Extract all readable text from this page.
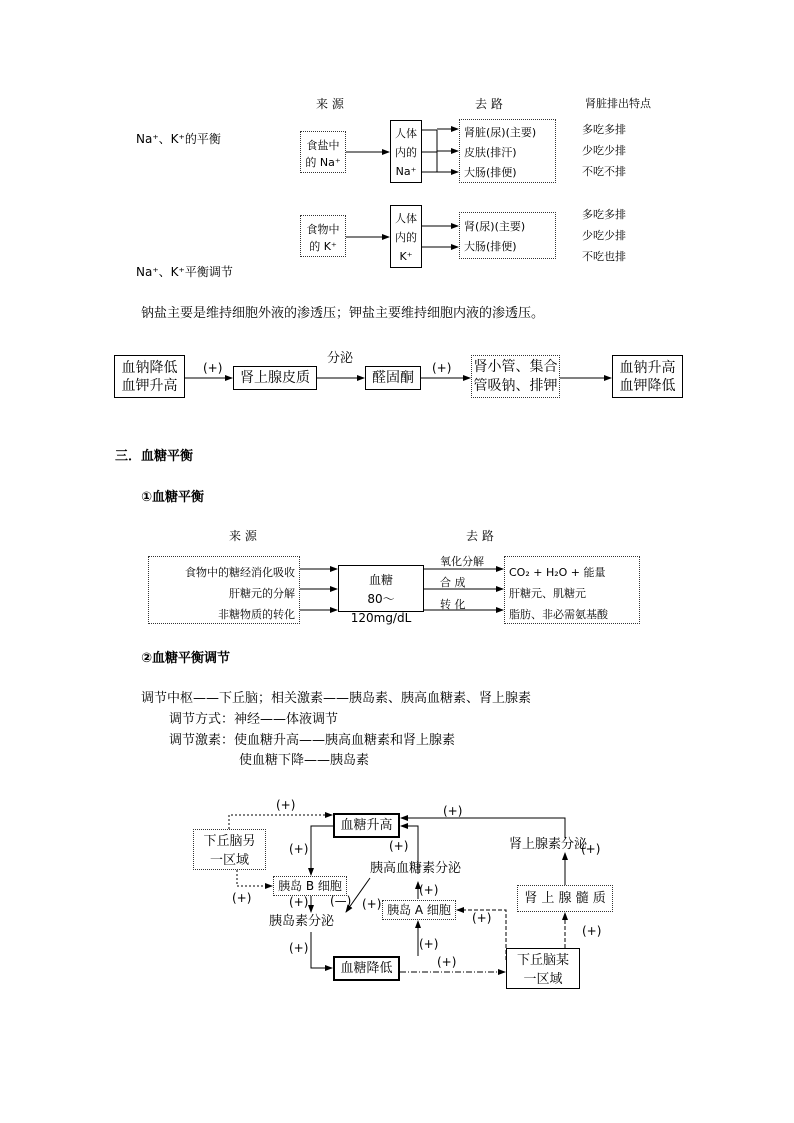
来 源	去 路	肾脏排出特点
Na⁺、K⁺的平衡	食盐中
的 Na⁺
人体
内的
Na⁺
肾脏(尿)(主要)
皮肤(排汗)
大肠(排便)
多吃多排
少吃少排
不吃不排
食物中
的 K⁺
人体
内的
K⁺
肾(尿)(主要)
大肠(排便)
多吃多排
少吃少排
不吃也排
Na⁺、K⁺平衡调节
钠盐主要是维持细胞外液的渗透压；钾盐主要维持细胞内液的渗透压。
血钠降低
血钾升高
(+)
肾上腺皮质
分泌
醛固酮
(+) 肾小管、集合
管吸钠、排钾
血钠升高
血钾降低
三．血糖平衡
①血糖平衡
来 源	去 路
食物中的糖经消化吸收
肝糖元的分解
非糖物质的转化
血糖
80～120mg/dL
氧化分解
合 成
转 化
CO₂ + H₂O + 能量
肝糖元、肌糖元
脂肪、非必需氨基酸
②血糖平衡调节
调节中枢——下丘脑；相关激素——胰岛素、胰高血糖素、肾上腺素
调节方式：神经——体液调节
调节激素：使血糖升高——胰高血糖素和肾上腺素
使血糖下降——胰岛素
血糖升高
血糖降低
下丘脑另
一区域
胰岛 B 细胞
胰岛 A 细胞
胰岛素分泌
胰高血糖素分泌
肾上腺素分泌
肾 上 腺 髓 质
下丘脑某
一区域
(+)	(+)
(+)	(+)	(+)
(+)
(+)
(+) (—) (+)
(+)
(+)
(+)	(+)
(+)
